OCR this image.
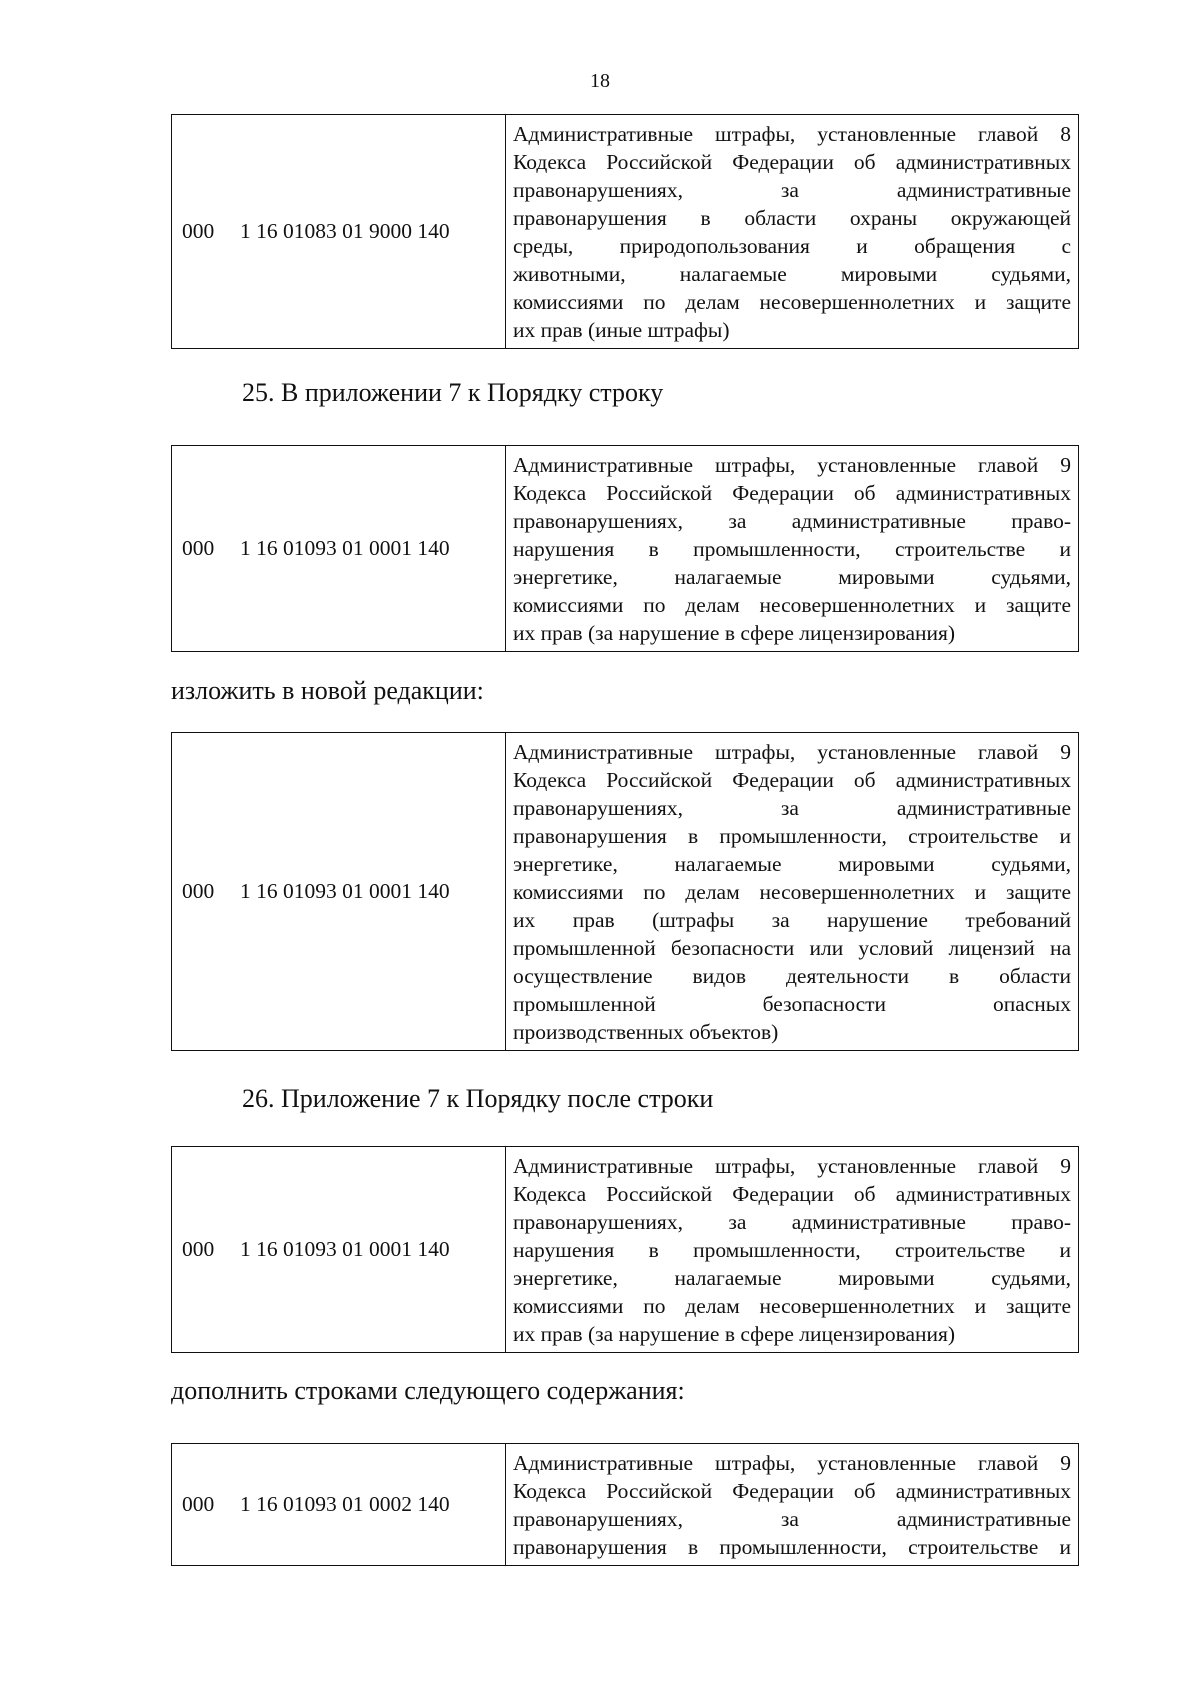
18
000 1 16 01083 01 9000 140	
Административные штрафы, установленные главой 8
Кодекса Российской Федерации об административных
правонарушениях, за административные
правонарушения в области охраны окружающей
среды, природопользования и обращения с
животными, налагаемые мировыми судьями,
комиссиями по делам несовершеннолетних и защите
их прав (иные штрафы)
25. В приложении 7 к Порядку строку
000 1 16 01093 01 0001 140	
Административные штрафы, установленные главой 9
Кодекса Российской Федерации об административных
правонарушениях, за административные право-
нарушения в промышленности, строительстве и
энергетике, налагаемые мировыми судьями,
комиссиями по делам несовершеннолетних и защите
их прав (за нарушение в сфере лицензирования)
изложить в новой редакции:
000 1 16 01093 01 0001 140	
Административные штрафы, установленные главой 9
Кодекса Российской Федерации об административных
правонарушениях, за административные
правонарушения в промышленности, строительстве и
энергетике, налагаемые мировыми судьями,
комиссиями по делам несовершеннолетних и защите
их прав (штрафы за нарушение требований
промышленной безопасности или условий лицензий на
осуществление видов деятельности в области
промышленной безопасности опасных
производственных объектов)
26. Приложение 7 к Порядку после строки
000 1 16 01093 01 0001 140	
Административные штрафы, установленные главой 9
Кодекса Российской Федерации об административных
правонарушениях, за административные право-
нарушения в промышленности, строительстве и
энергетике, налагаемые мировыми судьями,
комиссиями по делам несовершеннолетних и защите
их прав (за нарушение в сфере лицензирования)
дополнить строками следующего содержания:
000 1 16 01093 01 0002 140	
Административные штрафы, установленные главой 9
Кодекса Российской Федерации об административных
правонарушениях, за административные
правонарушения в промышленности, строительстве и
